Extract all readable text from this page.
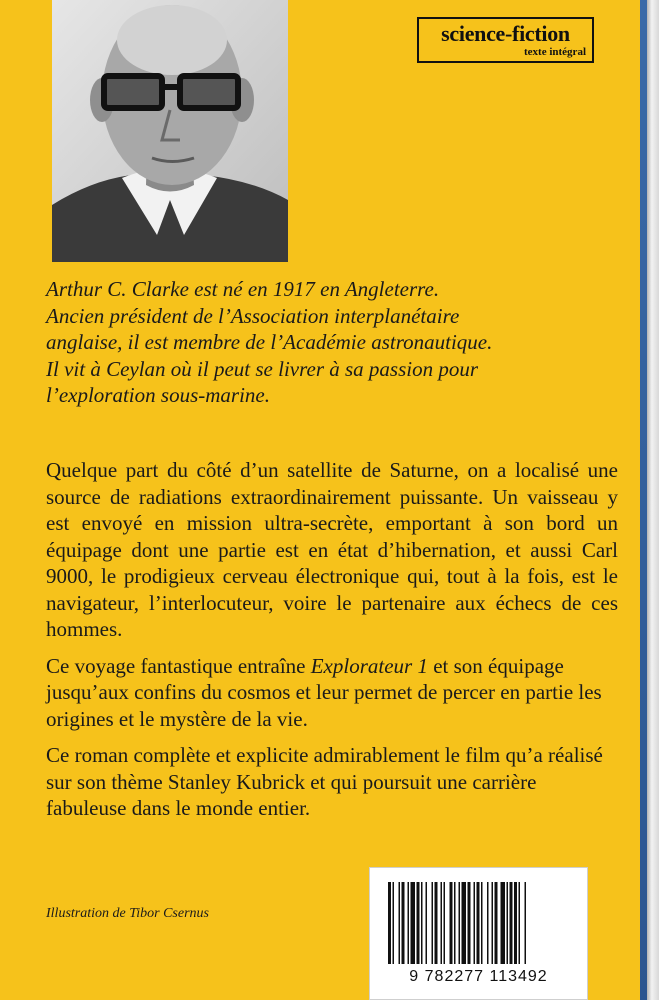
science-fiction
texte intégral

Arthur C. Clarke est né en 1917 en Angleterre.
Ancien président de l’Association interplanétaire
anglaise, il est membre de l’Académie astronautique.
Il vit à Ceylan où il peut se livrer à sa passion pour
l’exploration sous-marine.

Quelque part du côté d’un satellite de Saturne, on a localisé une source de radiations extraordinairement puissante. Un vaisseau y est envoyé en mission ultra-secrète, emportant à son bord un équipage dont une partie est en état d’hibernation, et aussi Carl 9000, le prodigieux cerveau électronique qui, tout à la fois, est le navigateur, l’interlocuteur, voire le partenaire aux échecs de ces hommes.

Ce voyage fantastique entraîne Explorateur 1 et son équipage jusqu’aux confins du cosmos et leur permet de percer en partie les origines et le mystère de la vie.

Ce roman complète et explicite admirablement le film qu’a réalisé sur son thème Stanley Kubrick et qui poursuit une carrière fabuleuse dans le monde entier.

Illustration de Tibor Csernus
9 782277 113492
